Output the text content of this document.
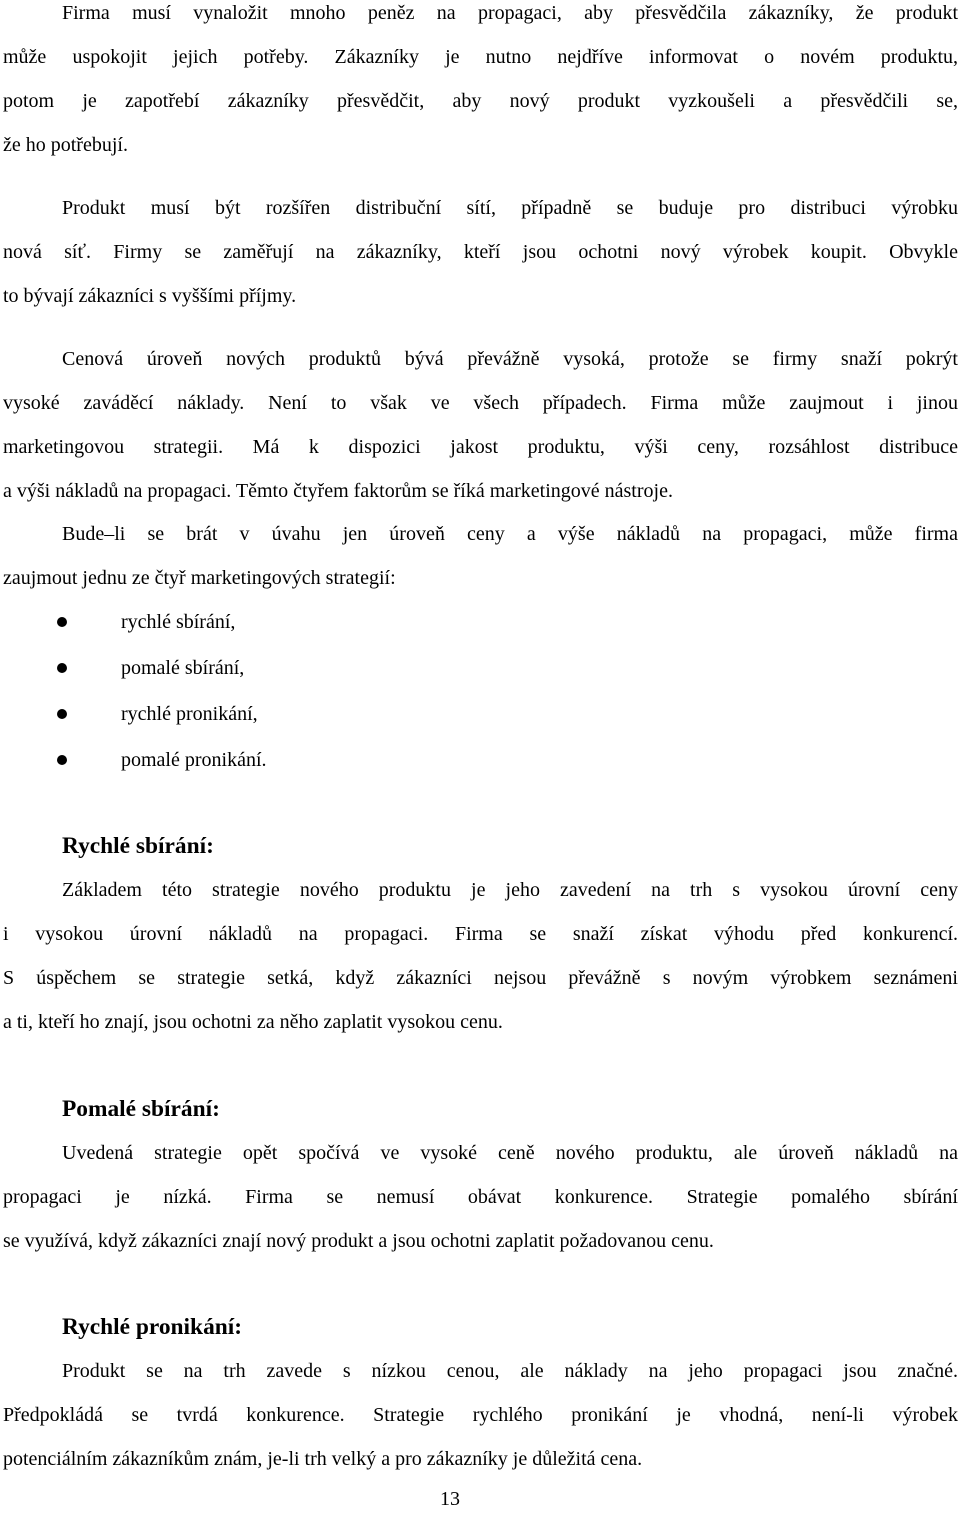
Firma musí vynaložit mnoho peněz na propagaci, aby přesvědčila zákazníky, že produkt
může uspokojit jejich potřeby. Zákazníky je nutno nejdříve informovat o novém produktu,
potom je zapotřebí zákazníky přesvědčit, aby nový produkt vyzkoušeli a přesvědčili se,
že ho potřebují.
Produkt musí být rozšířen distribuční sítí, případně se buduje pro distribuci výrobku
nová síť. Firmy se zaměřují na zákazníky, kteří jsou ochotni nový výrobek koupit. Obvykle
to bývají zákazníci s vyššími příjmy.
Cenová úroveň nových produktů bývá převážně vysoká, protože se firmy snaží pokrýt
vysoké zaváděcí náklady. Není to však ve všech případech. Firma může zaujmout i jinou
marketingovou strategii. Má k dispozici jakost produktu, výši ceny, rozsáhlost distribuce
a výši nákladů na propagaci. Těmto čtyřem faktorům se říká marketingové nástroje.
Bude–li se brát v úvahu jen úroveň ceny a výše nákladů na propagaci, může firma
zaujmout jednu ze čtyř marketingových strategií:
rychlé sbírání,
pomalé sbírání,
rychlé pronikání,
pomalé pronikání.
Rychlé sbírání:
Základem této strategie nového produktu je jeho zavedení na trh s vysokou úrovní ceny
i vysokou úrovní nákladů na propagaci. Firma se snaží získat výhodu před konkurencí.
S úspěchem se strategie setká, když zákazníci nejsou převážně s novým výrobkem seznámeni
a ti, kteří ho znají, jsou ochotni za něho zaplatit vysokou cenu.
Pomalé sbírání:
Uvedená strategie opět spočívá ve vysoké ceně nového produktu, ale úroveň nákladů na
propagaci je nízká. Firma se nemusí obávat konkurence. Strategie pomalého sbírání
se využívá, když zákazníci znají nový produkt a jsou ochotni zaplatit požadovanou cenu.
Rychlé pronikání:
Produkt se na trh zavede s nízkou cenou, ale náklady na jeho propagaci jsou značné.
Předpokládá se tvrdá konkurence. Strategie rychlého pronikání je vhodná, není-li výrobek
potenciálním zákazníkům znám, je-li trh velký a pro zákazníky je důležitá cena.
13
